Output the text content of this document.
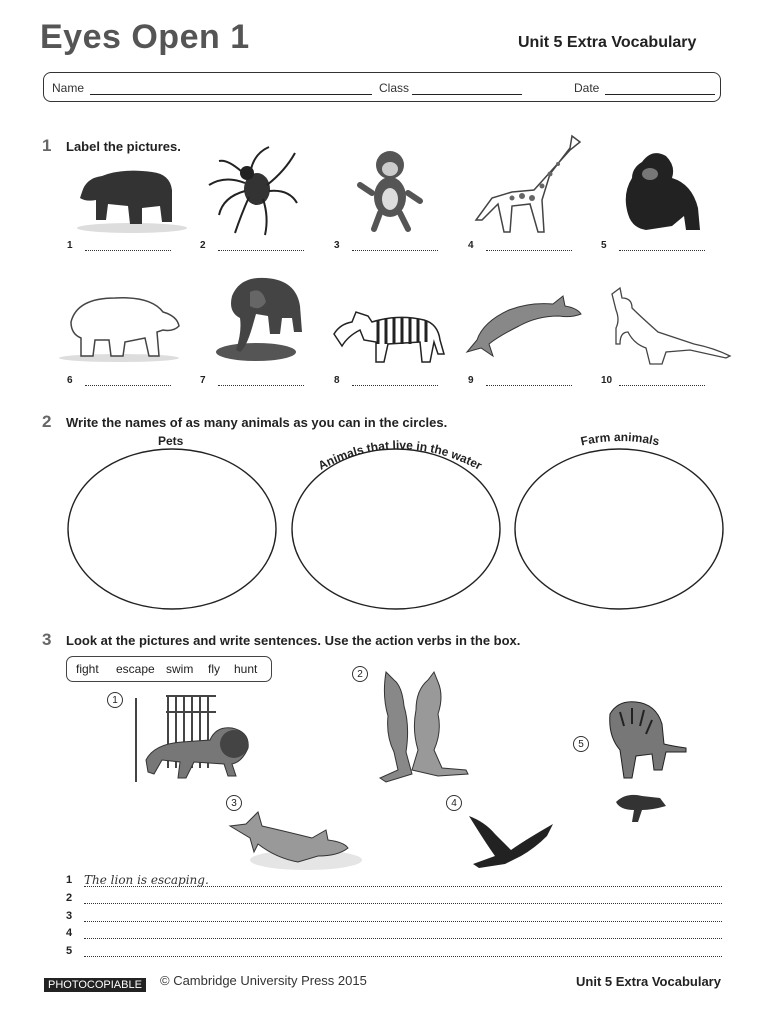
Eyes Open 1	Unit 5 Extra Vocabulary
Name	Class	Date
1 Label the pictures.
1	2	3	4	5
6	7	8	9	10
2 Write the names of as many animals as you can in the circles.
Pets
Animals that live in the water
Farm animals
3 Look at the pictures and write sentences. Use the action verbs in the box.
fight escape swim fly hunt
1
2
3	4
5
1 The lion is escaping.
2
3
4
5
PHOTOCOPIABLE	© Cambridge University Press 2015	Unit 5 Extra Vocabulary
